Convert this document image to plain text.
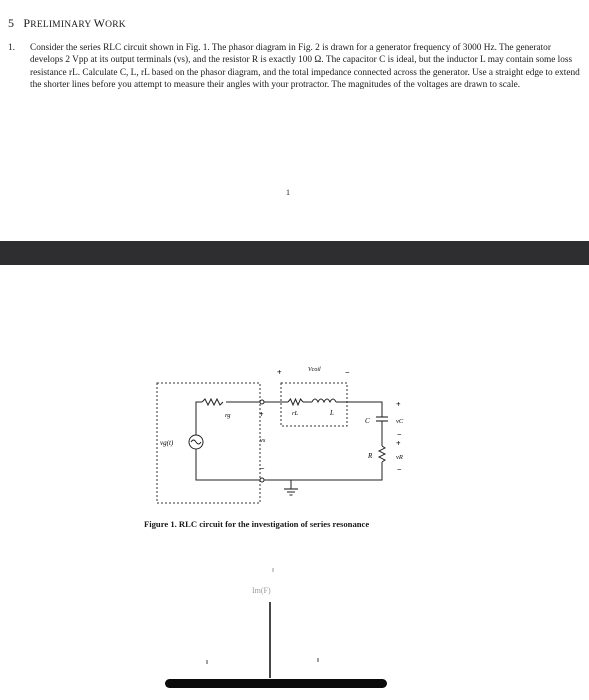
5 PRELIMINARY WORK
1.	Consider the series RLC circuit shown in Fig. 1. The phasor diagram in Fig. 2 is drawn for a generator frequency of 3000 Hz. The generator develops 2 Vpp at its output terminals (vs), and the resistor R is exactly 100 Ω. The capacitor C is ideal, but the inductor L may contain some loss resistance rL. Calculate C, L, rL based on the phasor diagram, and the total impedance connected across the generator. Use a straight edge to extend the shorter lines before you attempt to measure their angles with your protractor. The magnitudes of the voltages are drawn to scale.
1
vg(t)
rg	+
vs
−
rL	L
+	Vcoil	−
C
+
vC
−
R
+
vR
−
Figure 1. RLC circuit for the investigation of series resonance
Im(F)
